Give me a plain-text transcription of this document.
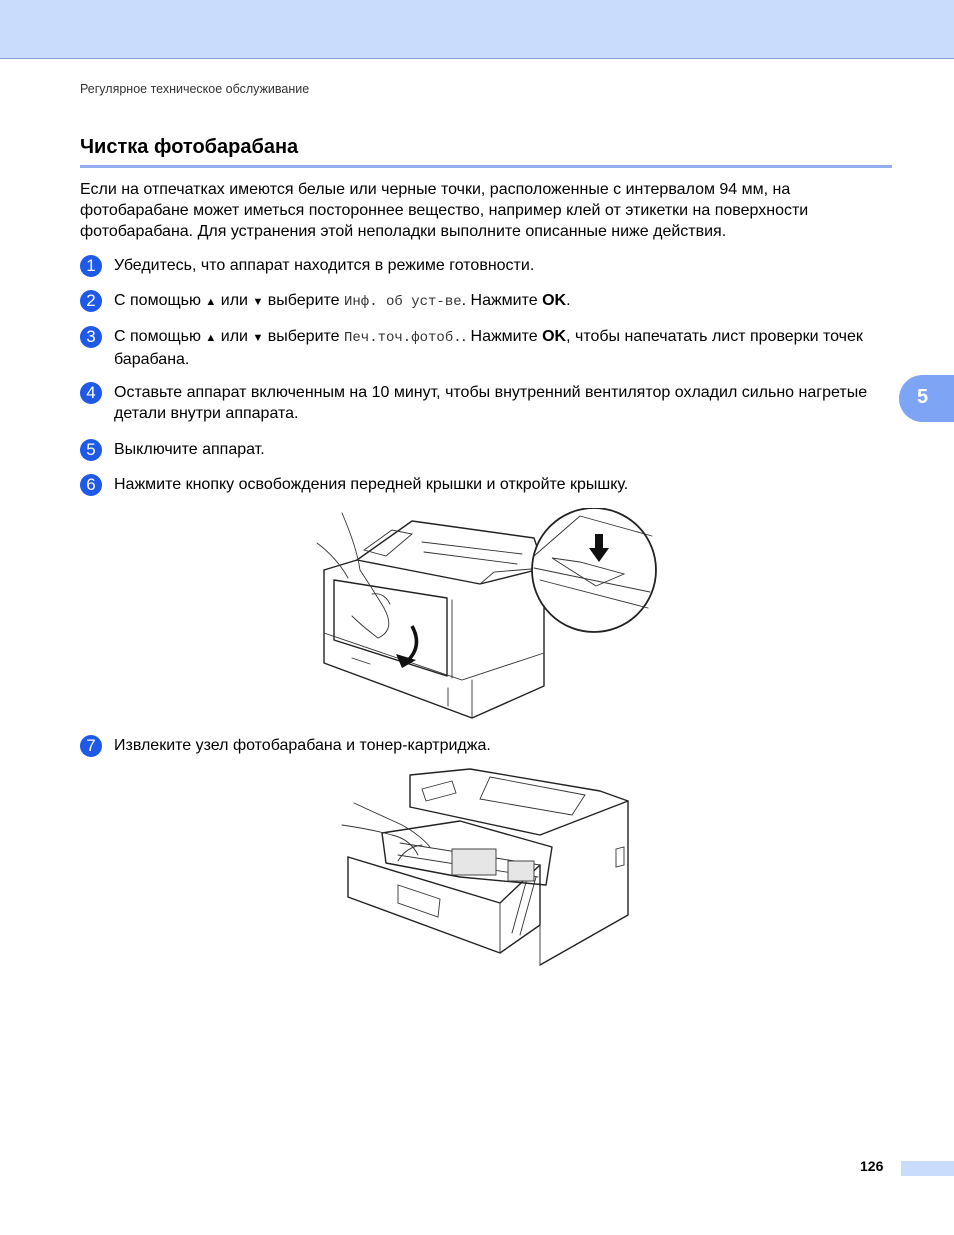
Регулярное техническое обслуживание
Чистка фотобарабана
Если на отпечатках имеются белые или черные точки, расположенные с интервалом 94 мм, на фотобарабане может иметься постороннее вещество, например клей от этикетки на поверхности фотобарабана. Для устранения этой неполадки выполните описанные ниже действия.
1	Убедитесь, что аппарат находится в режиме готовности.
2	С помощью ▲ или ▼ выберите Инф. об уст-ве. Нажмите OK.
3	С помощью ▲ или ▼ выберите Печ.точ.фотоб.. Нажмите OK, чтобы напечатать лист проверки точек барабана.
4	Оставьте аппарат включенным на 10 минут, чтобы внутренний вентилятор охладил сильно нагретые детали внутри аппарата.
5	Выключите аппарат.
6	Нажмите кнопку освобождения передней крышки и откройте крышку.
7	Извлеките узел фотобарабана и тонер-картриджа.
5
126
